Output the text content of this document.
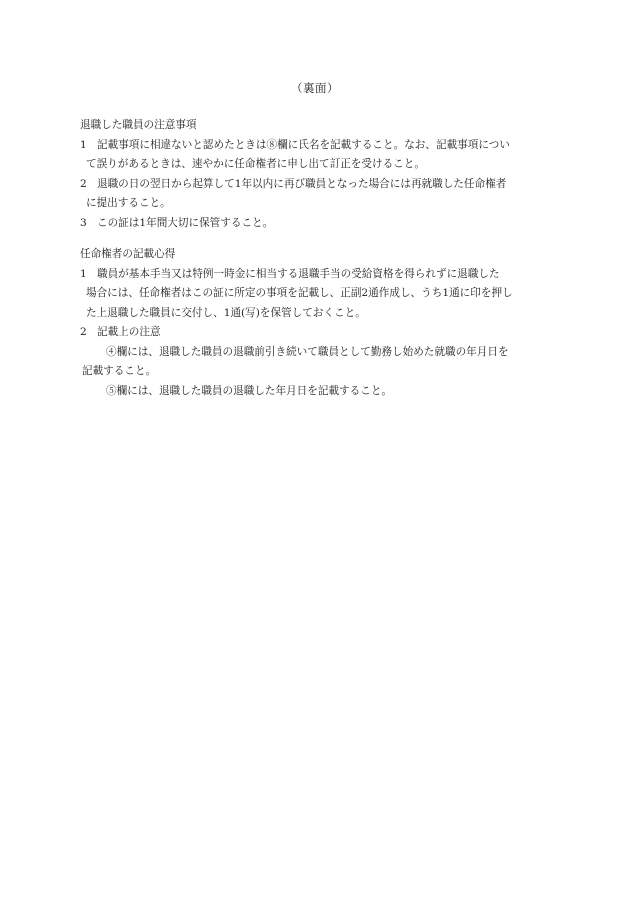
（裏面）

退職した職員の注意事項

1 記載事項に相違ないと認めたときは⑧欄に氏名を記載すること。なお、記載事項につい
て誤りがあるときは、速やかに任命権者に申し出て訂正を受けること。

2 退職の日の翌日から起算して1年以内に再び職員となった場合には再就職した任命権者
に提出すること。

3 この証は1年間大切に保管すること。

任命権者の記載心得

1 職員が基本手当又は特例一時金に相当する退職手当の受給資格を得られずに退職した
場合には、任命権者はこの証に所定の事項を記載し、正副2通作成し、うち1通に印を押し
た上退職した職員に交付し、1通(写)を保管しておくこと。

2 記載上の注意

④欄には、退職した職員の退職前引き続いて職員として勤務し始めた就職の年月日を
記載すること。

⑤欄には、退職した職員の退職した年月日を記載すること。
